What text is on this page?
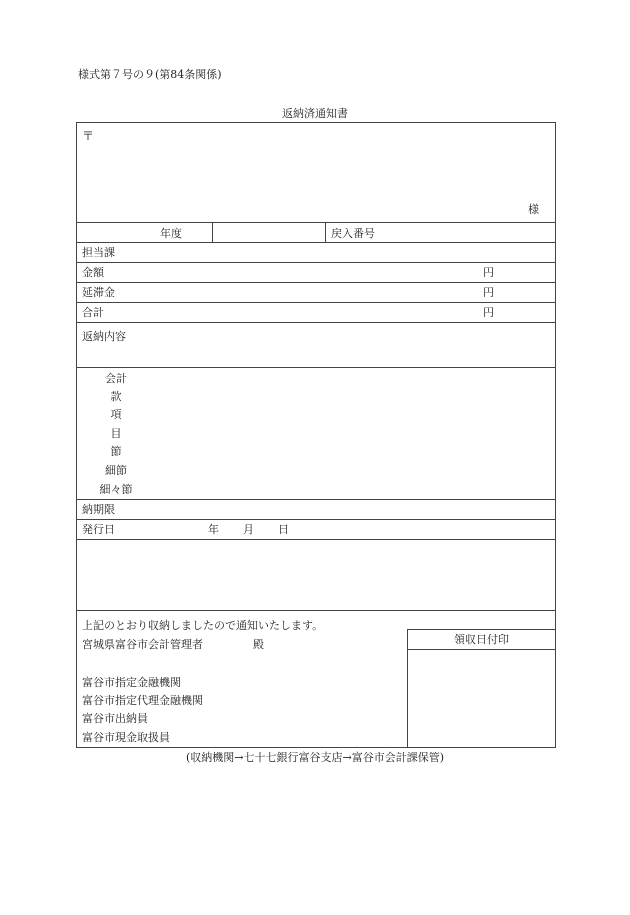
様式第７号の９(第84条関係)
返納済通知書
〒
様
年度	戻入番号
担当課
金額	円
延滞金	円
合計	円
返納内容
会計
款
項
目
節
細節
細々節
納期限
発行日	年 月 日
上記のとおり収納しましたので通知いたします。
宮城県富谷市会計管理者	殿
富谷市指定金融機関
富谷市指定代理金融機関
富谷市出納員
富谷市現金取扱員
領収日付印
(収納機関→七十七銀行富谷支店→富谷市会計課保管)
